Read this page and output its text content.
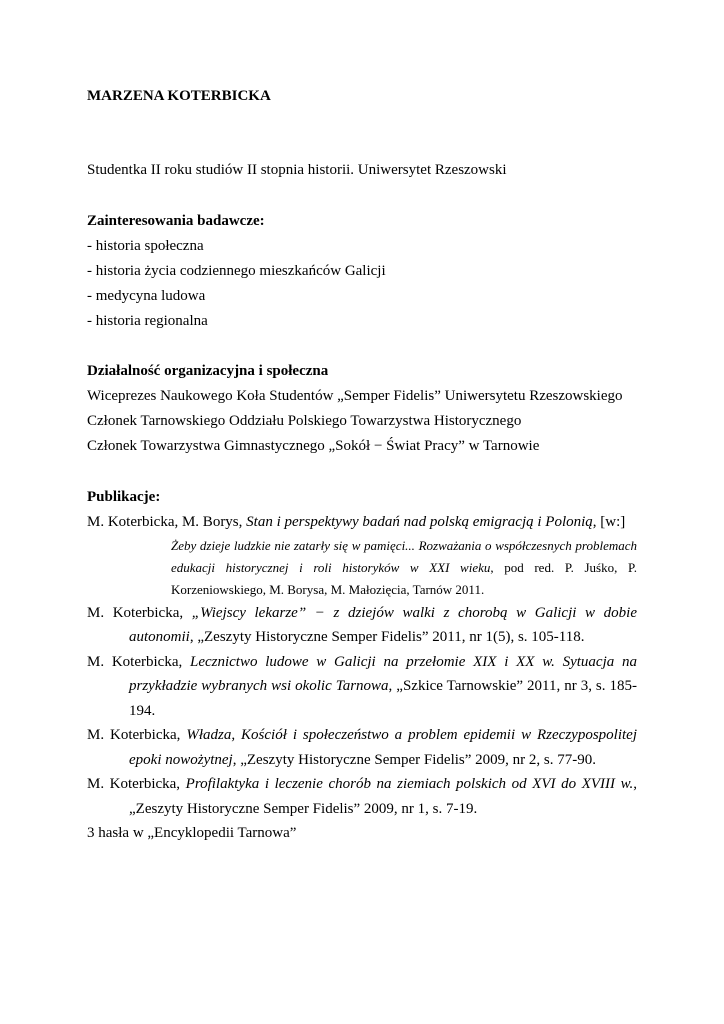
MARZENA KOTERBICKA
Studentka II roku studiów II stopnia historii. Uniwersytet Rzeszowski
Zainteresowania badawcze:
- historia społeczna
- historia życia codziennego mieszkańców Galicji
- medycyna ludowa
- historia regionalna
Działalność organizacyjna i społeczna
Wiceprezes Naukowego Koła Studentów „Semper Fidelis” Uniwersytetu Rzeszowskiego
Członek Tarnowskiego Oddziału Polskiego Towarzystwa Historycznego
Członek Towarzystwa Gimnastycznego „Sokół − Świat Pracy” w Tarnowie
Publikacje:

M. Koterbicka, M. Borys, Stan i perspektywy badań nad polską emigracją i Polonią, [w:]
Żeby dzieje ludzkie nie zatarły się w pamięci... Rozważania o współczesnych problemach edukacji historycznej i roli historyków w XXI wieku, pod red. P. Juśko, P. Korzeniowskiego, M. Borysa, M. Małozięcia, Tarnów 2011.

M. Koterbicka, „Wiejscy lekarze” − z dziejów walki z chorobą w Galicji w dobie autonomii, „Zeszyty Historyczne Semper Fidelis” 2011, nr 1(5), s. 105-118.

M. Koterbicka, Lecznictwo ludowe w Galicji na przełomie XIX i XX w. Sytuacja na przykładzie wybranych wsi okolic Tarnowa, „Szkice Tarnowskie” 2011, nr 3, s. 185-194.

M. Koterbicka, Władza, Kościół i społeczeństwo a problem epidemii w Rzeczypospolitej epoki nowożytnej, „Zeszyty Historyczne Semper Fidelis” 2009, nr 2, s. 77-90.

M. Koterbicka, Profilaktyka i leczenie chorób na ziemiach polskich od XVI do XVIII w., „Zeszyty Historyczne Semper Fidelis” 2009, nr 1, s. 7-19.

3 hasła w „Encyklopedii Tarnowa”
